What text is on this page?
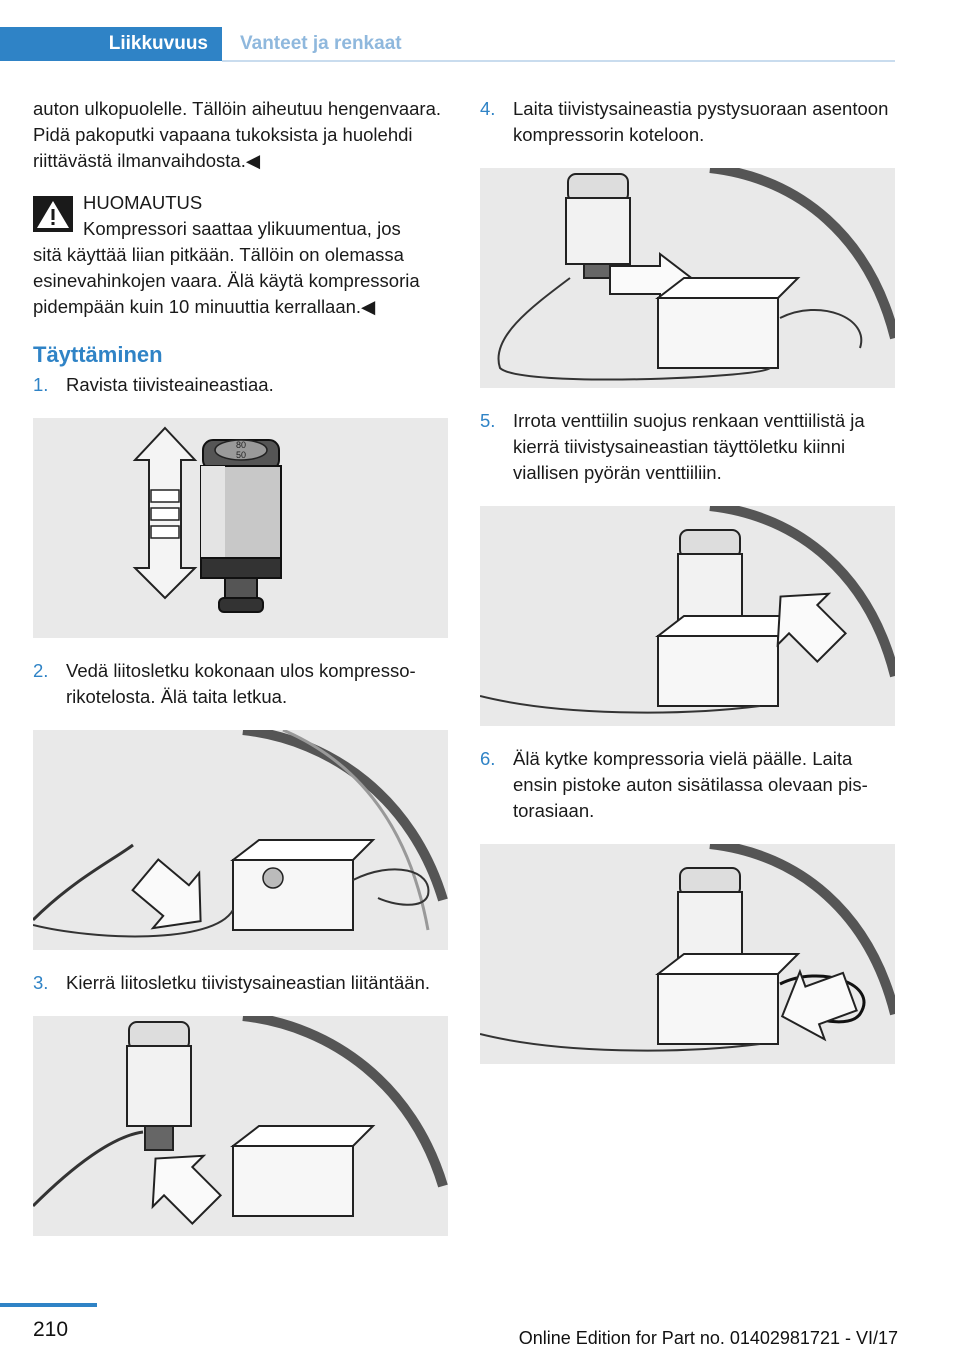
Liikkuvuus	Vanteet ja renkaat

auton ulkopuolelle. Tällöin aiheutuu hengenvaara. Pidä pakoputki vapaana tukoksista ja huolehdi riittävästä ilmanvaihdosta.◀

HUOMAUTUS

Kompressori saattaa ylikuumentua, jos

sitä käyttää liian pitkään. Tällöin on olemassa esinevahinkojen vaara. Älä käytä kompressoria pidempään kuin 10 minuuttia kerrallaan.◀

Täyttäminen
1. Ravista tiivisteaineastiaa.
80
50
2. Vedä liitosletku kokonaan ulos kompressorikotelosta. Älä taita letkua.
3. Kierrä liitosletku tiivistysaineastian liitäntään.
4. Laita tiivistysaineastia pystysuoraan asentoon kompressorin koteloon.
5. Irrota venttiilin suojus renkaan venttiilistä ja kierrä tiivistysaineastian täyttöletku kiinni viallisen pyörän venttiiliin.
6. Älä kytke kompressoria vielä päälle. Laita ensin pistoke auton sisätilassa olevaan pistorasiaan.
210	Online Edition for Part no. 01402981721 - VI/17
